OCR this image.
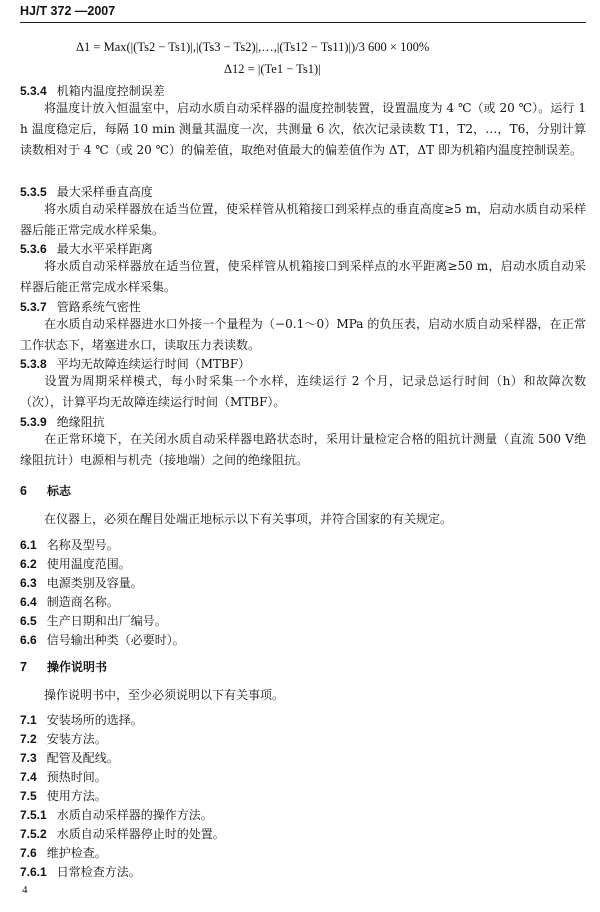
HJ/T 372 —2007
Δ1 = Max(|(Ts2 − Ts1)|,|(Ts3 − Ts2)|,…,|(Ts12 − Ts11)|)/3 600 × 100%
Δ12 = |(Te1 − Ts1)|
5.3.4 机箱内温度控制误差
将温度计放入恒温室中，启动水质自动采样器的温度控制装置，设置温度为 4 ℃（或 20 ℃）。运行 1 h 温度稳定后，每隔 10 min 测量其温度一次，共测量 6 次，依次记录读数 T1，T2，…，T6，分别计算读数相对于 4 ℃（或 20 ℃）的偏差值，取绝对值最大的偏差值作为 ΔT，ΔT 即为机箱内温度控制误差。
5.3.5 最大采样垂直高度
将水质自动采样器放在适当位置，使采样管从机箱接口到采样点的垂直高度≥5 m，启动水质自动采样器后能正常完成水样采集。
5.3.6 最大水平采样距离
将水质自动采样器放在适当位置，使采样管从机箱接口到采样点的水平距离≥50 m，启动水质自动采样器后能正常完成水样采集。
5.3.7 管路系统气密性
在水质自动采样器进水口外接一个量程为（−0.1～0）MPa 的负压表，启动水质自动采样器，在正常工作状态下，堵塞进水口，读取压力表读数。
5.3.8 平均无故障连续运行时间（MTBF）
设置为周期采样模式，每小时采集一个水样，连续运行 2 个月，记录总运行时间（h）和故障次数（次），计算平均无故障连续运行时间（MTBF）。
5.3.9 绝缘阻抗
在正常环境下，在关闭水质自动采样器电路状态时，采用计量检定合格的阻抗计测量（直流 500 V绝缘阻抗计）电源相与机壳（接地端）之间的绝缘阻抗。
6 标志
在仪器上，必须在醒目处端正地标示以下有关事项，并符合国家的有关规定。
6.1 名称及型号。
6.2 使用温度范围。
6.3 电源类别及容量。
6.4 制造商名称。
6.5 生产日期和出厂编号。
6.6 信号输出种类（必要时）。
7 操作说明书
操作说明书中，至少必须说明以下有关事项。
7.1 安装场所的选择。
7.2 安装方法。
7.3 配管及配线。
7.4 预热时间。
7.5 使用方法。
7.5.1 水质自动采样器的操作方法。
7.5.2 水质自动采样器停止时的处置。
7.6 维护检查。
7.6.1 日常检查方法。
4
